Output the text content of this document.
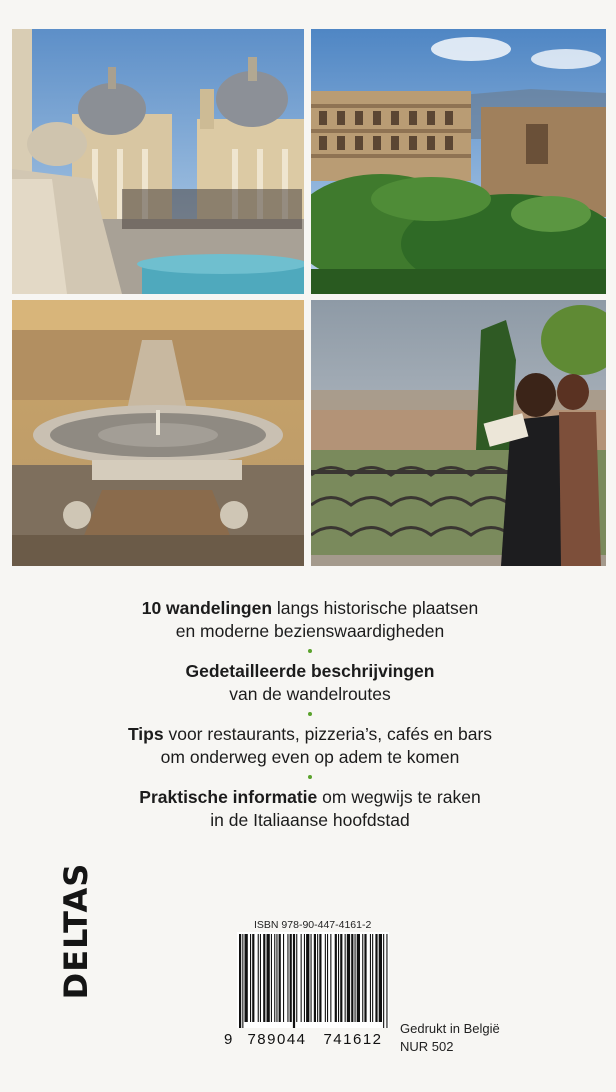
10 wandelingen langs historische plaatsen
en moderne bezienswaardigheden
Gedetailleerde beschrijvingen
van de wandelroutes
Tips voor restaurants, pizzeria’s, cafés en bars
om onderweg even op adem te komen
Praktische informatie om wegwijs te raken
in de Italiaanse hoofdstad
DELTAS	ISBN 978-90-447-4161-2
9 789044 741612
Gedrukt in België
NUR 502
